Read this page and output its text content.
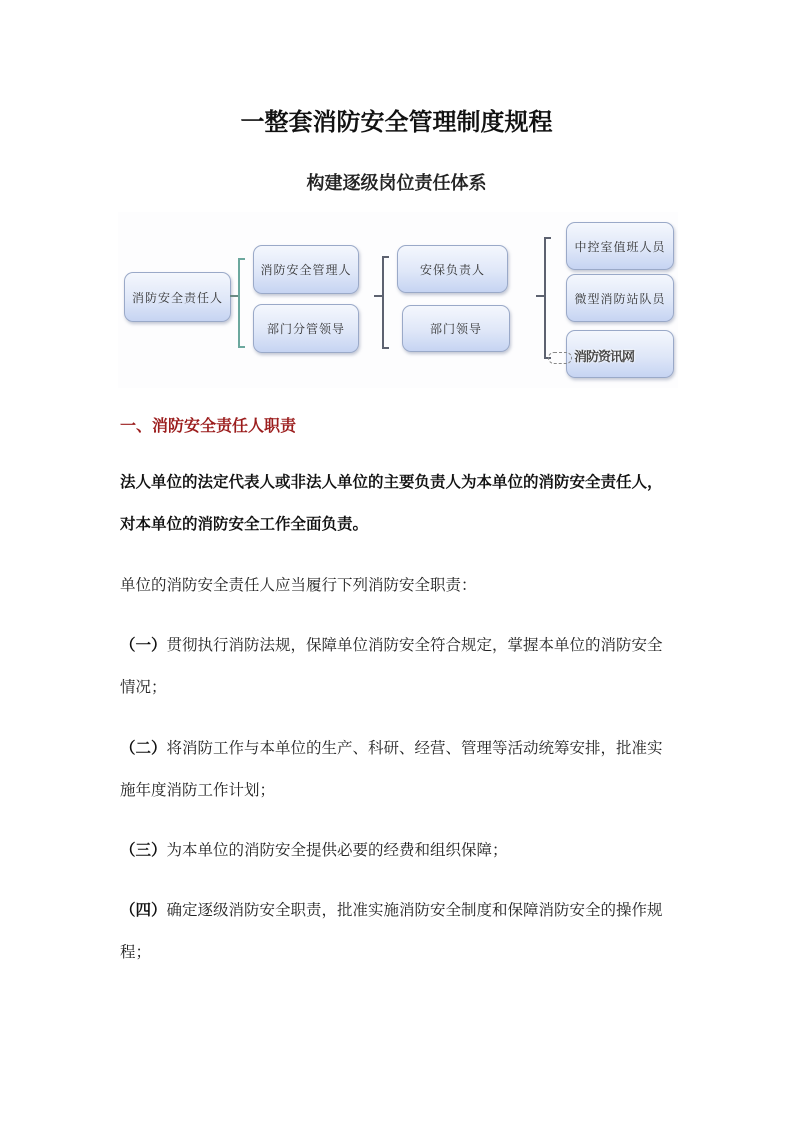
一整套消防安全管理制度规程
构建逐级岗位责任体系
消防安全责任人
消防安全管理人
部门分管领导
安保负责人
部门领导
中控室值班人员
微型消防站队员
消防资讯网
一、消防安全责任人职责
法人单位的法定代表人或非法人单位的主要负责人为本单位的消防安全责任人，
对本单位的消防安全工作全面负责。
单位的消防安全责任人应当履行下列消防安全职责：
（一）贯彻执行消防法规，保障单位消防安全符合规定，掌握本单位的消防安全
情况；
（二）将消防工作与本单位的生产、科研、经营、管理等活动统筹安排，批准实
施年度消防工作计划；
（三）为本单位的消防安全提供必要的经费和组织保障；
（四）确定逐级消防安全职责，批准实施消防安全制度和保障消防安全的操作规
程；
